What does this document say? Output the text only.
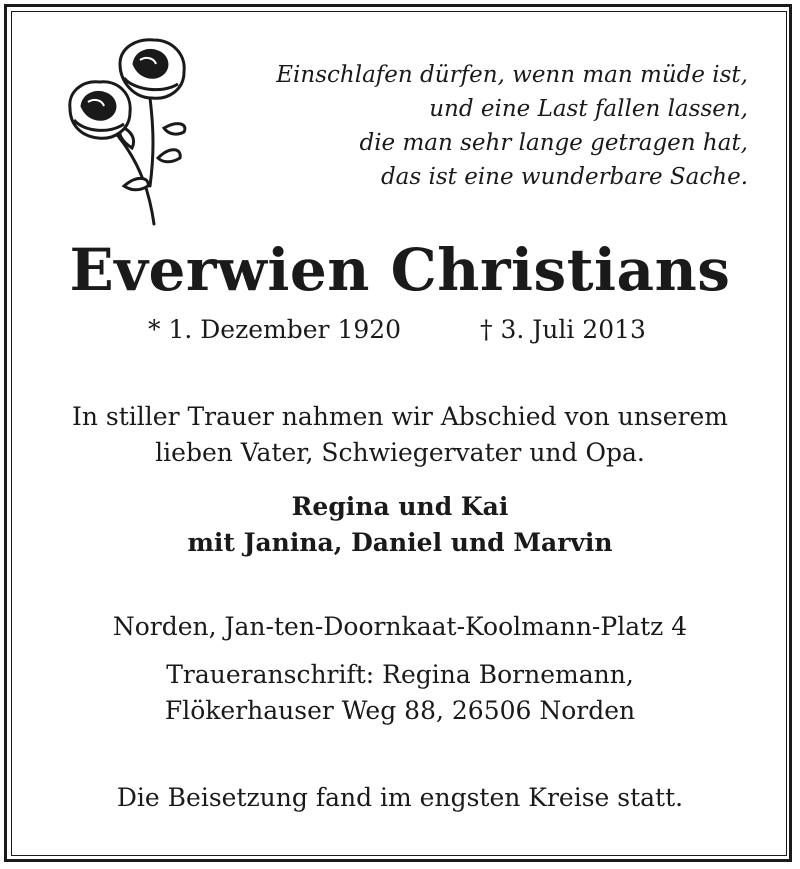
Einschlafen dürfen, wenn man müde ist,
und eine Last fallen lassen,
die man sehr lange getragen hat,
das ist eine wunderbare Sache.
Everwien Christians
* 1. Dezember 1920	† 3. Juli 2013
In stiller Trauer nahmen wir Abschied von unserem
lieben Vater, Schwiegervater und Opa.
Regina und Kai
mit Janina, Daniel und Marvin
Norden, Jan-ten-Doornkaat-Koolmann-Platz 4
Traueranschrift: Regina Bornemann,
Flökerhauser Weg 88, 26506 Norden
Die Beisetzung fand im engsten Kreise statt.
